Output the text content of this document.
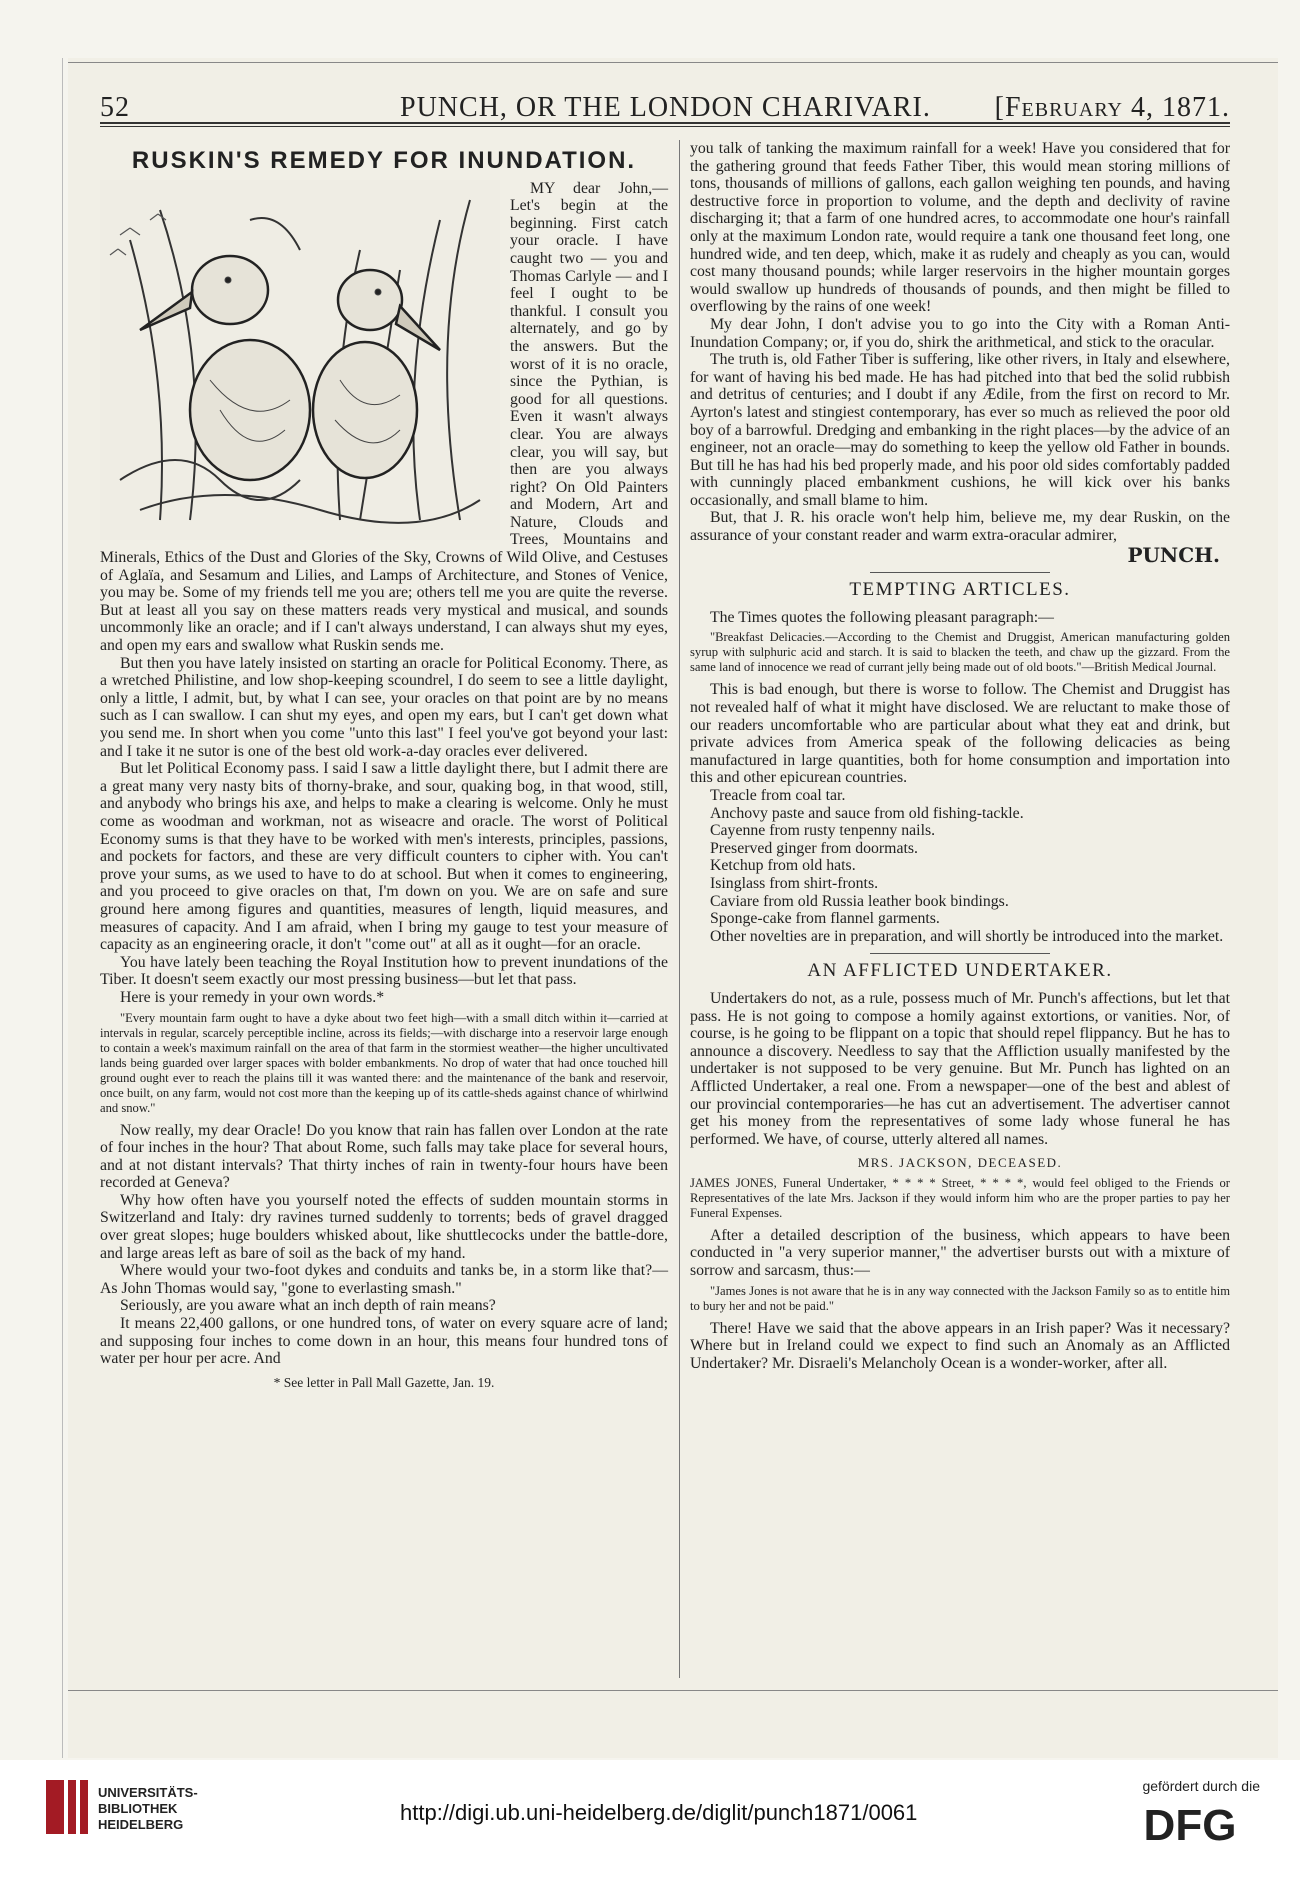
52	PUNCH, OR THE LONDON CHARIVARI. [February 4, 1871.
RUSKIN'S REMEDY FOR INUNDATION.

MY dear John,—Let's begin at the beginning. First catch your oracle. I have caught two — you and Thomas Carlyle — and I feel I ought to be thankful. I consult you alternately, and go by the answers. But the worst of it is no oracle, since the Pythian, is good for all questions. Even it wasn't always clear. You are always clear, you will say, but then are you always right? On Old Painters and Modern, Art and Nature, Clouds and Trees, Mountains and Minerals, Ethics of the Dust and Glories of the Sky, Crowns of Wild Olive, and Cestuses of Aglaïa, and Sesamum and Lilies, and Lamps of Architecture, and Stones of Venice, you may be. Some of my friends tell me you are; others tell me you are quite the reverse. But at least all you say on these matters reads very mystical and musical, and sounds uncommonly like an oracle; and if I can't always understand, I can always shut my eyes, and open my ears and swallow what Ruskin sends me.

But then you have lately insisted on starting an oracle for Political Economy. There, as a wretched Philistine, and low shop-keeping scoundrel, I do seem to see a little daylight, only a little, I admit, but, by what I can see, your oracles on that point are by no means such as I can swallow. I can shut my eyes, and open my ears, but I can't get down what you send me. In short when you come "unto this last" I feel you've got beyond your last: and I take it ne sutor is one of the best old work-a-day oracles ever delivered.

But let Political Economy pass. I said I saw a little daylight there, but I admit there are a great many very nasty bits of thorny-brake, and sour, quaking bog, in that wood, still, and anybody who brings his axe, and helps to make a clearing is welcome. Only he must come as woodman and workman, not as wiseacre and oracle. The worst of Political Economy sums is that they have to be worked with men's interests, principles, passions, and pockets for factors, and these are very difficult counters to cipher with. You can't prove your sums, as we used to have to do at school. But when it comes to engineering, and you proceed to give oracles on that, I'm down on you. We are on safe and sure ground here among figures and quantities, measures of length, liquid measures, and measures of capacity. And I am afraid, when I bring my gauge to test your measure of capacity as an engineering oracle, it don't "come out" at all as it ought—for an oracle.

You have lately been teaching the Royal Institution how to prevent inundations of the Tiber. It doesn't seem exactly our most pressing business—but let that pass.

Here is your remedy in your own words.*

"Every mountain farm ought to have a dyke about two feet high—with a small ditch within it—carried at intervals in regular, scarcely perceptible incline, across its fields;—with discharge into a reservoir large enough to contain a week's maximum rainfall on the area of that farm in the stormiest weather—the higher uncultivated lands being guarded over larger spaces with bolder embankments. No drop of water that had once touched hill ground ought ever to reach the plains till it was wanted there: and the maintenance of the bank and reservoir, once built, on any farm, would not cost more than the keeping up of its cattle-sheds against chance of whirlwind and snow."

Now really, my dear Oracle! Do you know that rain has fallen over London at the rate of four inches in the hour? That about Rome, such falls may take place for several hours, and at not distant intervals? That thirty inches of rain in twenty-four hours have been recorded at Geneva?

Why how often have you yourself noted the effects of sudden mountain storms in Switzerland and Italy: dry ravines turned suddenly to torrents; beds of gravel dragged over great slopes; huge boulders whisked about, like shuttlecocks under the battle-dore, and large areas left as bare of soil as the back of my hand.

Where would your two-foot dykes and conduits and tanks be, in a storm like that?—As John Thomas would say, "gone to everlasting smash."

Seriously, are you aware what an inch depth of rain means?

It means 22,400 gallons, or one hundred tons, of water on every square acre of land; and supposing four inches to come down in an hour, this means four hundred tons of water per hour per acre. And

* See letter in Pall Mall Gazette, Jan. 19.

you talk of tanking the maximum rainfall for a week! Have you considered that for the gathering ground that feeds Father Tiber, this would mean storing millions of tons, thousands of millions of gallons, each gallon weighing ten pounds, and having destructive force in proportion to volume, and the depth and declivity of ravine discharging it; that a farm of one hundred acres, to accommodate one hour's rainfall only at the maximum London rate, would require a tank one thousand feet long, one hundred wide, and ten deep, which, make it as rudely and cheaply as you can, would cost many thousand pounds; while larger reservoirs in the higher mountain gorges would swallow up hundreds of thousands of pounds, and then might be filled to overflowing by the rains of one week!

My dear John, I don't advise you to go into the City with a Roman Anti-Inundation Company; or, if you do, shirk the arithmetical, and stick to the oracular.

The truth is, old Father Tiber is suffering, like other rivers, in Italy and elsewhere, for want of having his bed made. He has had pitched into that bed the solid rubbish and detritus of centuries; and I doubt if any Ædile, from the first on record to Mr. Ayrton's latest and stingiest contemporary, has ever so much as relieved the poor old boy of a barrowful. Dredging and embanking in the right places—by the advice of an engineer, not an oracle—may do something to keep the yellow old Father in bounds. But till he has had his bed properly made, and his poor old sides comfortably padded with cunningly placed embankment cushions, he will kick over his banks occasionally, and small blame to him.

But, that J. R. his oracle won't help him, believe me, my dear Ruskin, on the assurance of your constant reader and warm extra-oracular admirer,

PUNCH.
TEMPTING ARTICLES.

The Times quotes the following pleasant paragraph:—

"Breakfast Delicacies.—According to the Chemist and Druggist, American manufacturing golden syrup with sulphuric acid and starch. It is said to blacken the teeth, and chaw up the gizzard. From the same land of innocence we read of currant jelly being made out of old boots."—British Medical Journal.

This is bad enough, but there is worse to follow. The Chemist and Druggist has not revealed half of what it might have disclosed. We are reluctant to make those of our readers uncomfortable who are particular about what they eat and drink, but private advices from America speak of the following delicacies as being manufactured in large quantities, both for home consumption and importation into this and other epicurean countries.

Treacle from coal tar.

Anchovy paste and sauce from old fishing-tackle.

Cayenne from rusty tenpenny nails.

Preserved ginger from doormats.

Ketchup from old hats.

Isinglass from shirt-fronts.

Caviare from old Russia leather book bindings.

Sponge-cake from flannel garments.

Other novelties are in preparation, and will shortly be introduced into the market.

AN AFFLICTED UNDERTAKER.

Undertakers do not, as a rule, possess much of Mr. Punch's affections, but let that pass. He is not going to compose a homily against extortions, or vanities. Nor, of course, is he going to be flippant on a topic that should repel flippancy. But he has to announce a discovery. Needless to say that the Affliction usually manifested by the undertaker is not supposed to be very genuine. But Mr. Punch has lighted on an Afflicted Undertaker, a real one. From a newspaper—one of the best and ablest of our provincial contemporaries—he has cut an advertisement. The advertiser cannot get his money from the representatives of some lady whose funeral he has performed. We have, of course, utterly altered all names.

MRS. JACKSON, DECEASED.

JAMES JONES, Funeral Undertaker, * * * * Street, * * * *, would feel obliged to the Friends or Representatives of the late Mrs. Jackson if they would inform him who are the proper parties to pay her Funeral Expenses.

After a detailed description of the business, which appears to have been conducted in "a very superior manner," the advertiser bursts out with a mixture of sorrow and sarcasm, thus:—

"James Jones is not aware that he is in any way connected with the Jackson Family so as to entitle him to bury her and not be paid."

There! Have we said that the above appears in an Irish paper? Was it necessary? Where but in Ireland could we expect to find such an Anomaly as an Afflicted Undertaker? Mr. Disraeli's Melancholy Ocean is a wonder-worker, after all.

UNIVERSITÄTS-
BIBLIOTHEK
HEIDELBERG	http://digi.ub.uni-heidelberg.de/diglit/punch1871/0061
gefördert durch die
DFG
